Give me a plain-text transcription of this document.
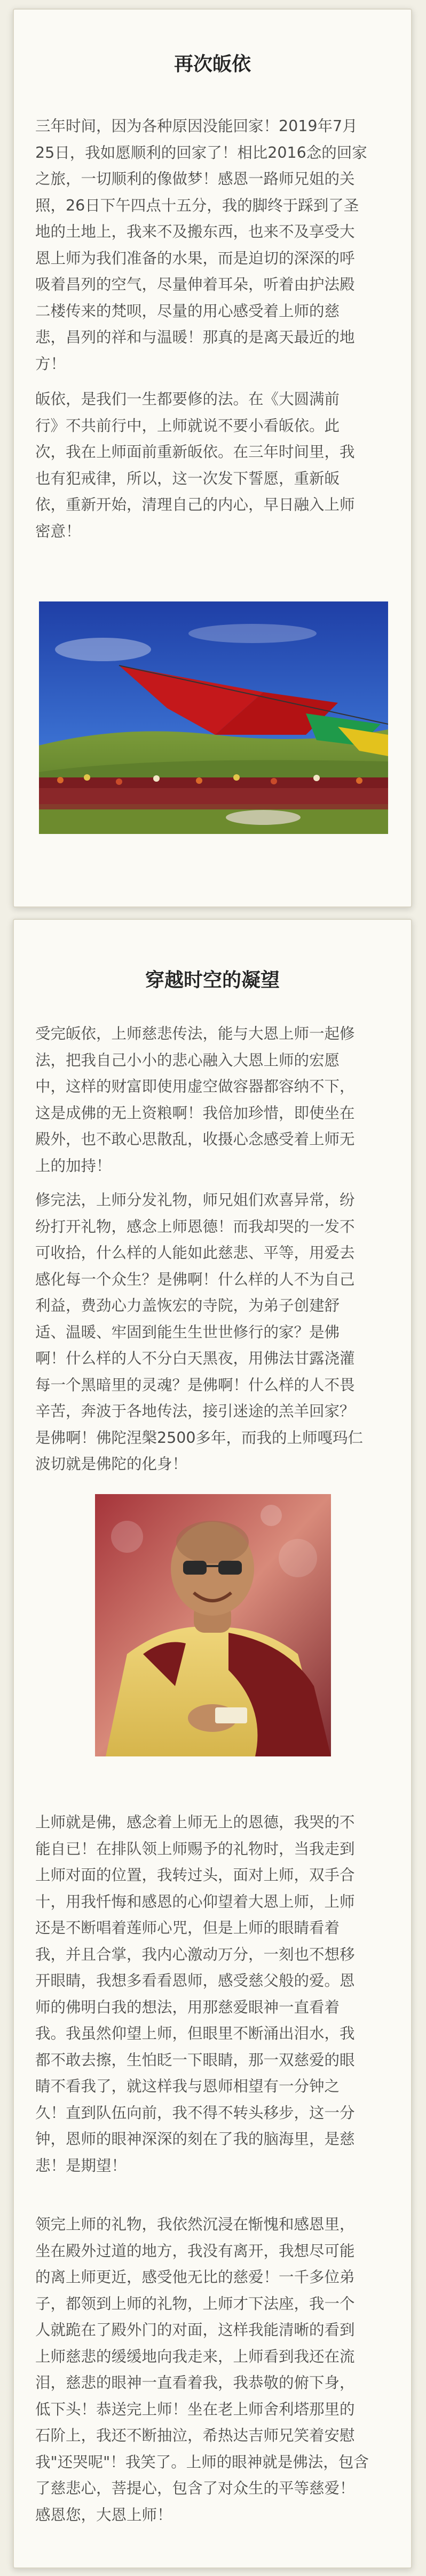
再次皈依

三年时间，因为各种原因没能回家！2019年7月
25日，我如愿顺利的回家了！相比2016念的回家
之旅，一切顺利的像做梦！感恩一路师兄姐的关
照，26日下午四点十五分，我的脚终于踩到了圣
地的土地上，我来不及搬东西，也来不及享受大
恩上师为我们准备的水果，而是迫切的深深的呼
吸着昌列的空气，尽量伸着耳朵，听着由护法殿
二楼传来的梵呗，尽量的用心感受着上师的慈
悲，昌列的祥和与温暖！那真的是离天最近的地
方！

皈依，是我们一生都要修的法。在《大圆满前
行》不共前行中，上师就说不要小看皈依。此
次，我在上师面前重新皈依。在三年时间里，我
也有犯戒律，所以，这一次发下誓愿，重新皈
依，重新开始，清理自己的内心，早日融入上师
密意！

穿越时空的凝望

受完皈依，上师慈悲传法，能与大恩上师一起修
法，把我自己小小的悲心融入大恩上师的宏愿
中，这样的财富即使用虚空做容器都容纳不下，
这是成佛的无上资粮啊！我倍加珍惜，即使坐在
殿外，也不敢心思散乱，收摄心念感受着上师无
上的加持！

修完法，上师分发礼物，师兄姐们欢喜异常，纷
纷打开礼物，感念上师恩德！而我却哭的一发不
可收拾，什么样的人能如此慈悲、平等，用爱去
感化每一个众生？是佛啊！什么样的人不为自己
利益，费劲心力盖恢宏的寺院，为弟子创建舒
适、温暖、牢固到能生生世世修行的家？是佛
啊！什么样的人不分白天黑夜，用佛法甘露浇灌
每一个黑暗里的灵魂？是佛啊！什么样的人不畏
辛苦，奔波于各地传法，接引迷途的羔羊回家？
是佛啊！佛陀涅槃2500多年，而我的上师嘎玛仁
波切就是佛陀的化身！

上师就是佛，感念着上师无上的恩德，我哭的不
能自已！在排队领上师赐予的礼物时，当我走到
上师对面的位置，我转过头，面对上师，双手合
十，用我忏悔和感恩的心仰望着大恩上师，上师
还是不断唱着莲师心咒，但是上师的眼睛看着
我，并且合掌，我内心激动万分，一刻也不想移
开眼睛，我想多看看恩师，感受慈父般的爱。恩
师的佛明白我的想法，用那慈爱眼神一直看着
我。我虽然仰望上师，但眼里不断涌出泪水，我
都不敢去擦，生怕眨一下眼睛，那一双慈爱的眼
睛不看我了，就这样我与恩师相望有一分钟之
久！直到队伍向前，我不得不转头移步，这一分
钟，恩师的眼神深深的刻在了我的脑海里，是慈
悲！是期望！

领完上师的礼物，我依然沉浸在惭愧和感恩里，
坐在殿外过道的地方，我没有离开，我想尽可能
的离上师更近，感受他无比的慈爱！一千多位弟
子，都领到上师的礼物，上师才下法座，我一个
人就跪在了殿外门的对面，这样我能清晰的看到
上师慈悲的缓缓地向我走来，上师看到我还在流
泪，慈悲的眼神一直看着我，我恭敬的俯下身，
低下头！恭送完上师！坐在老上师舍利塔那里的
石阶上，我还不断抽泣，希热达吉师兄笑着安慰
我"还哭呢"！我笑了。上师的眼神就是佛法，包含
了慈悲心，菩提心，包含了对众生的平等慈爱！
感恩您，大恩上师！
